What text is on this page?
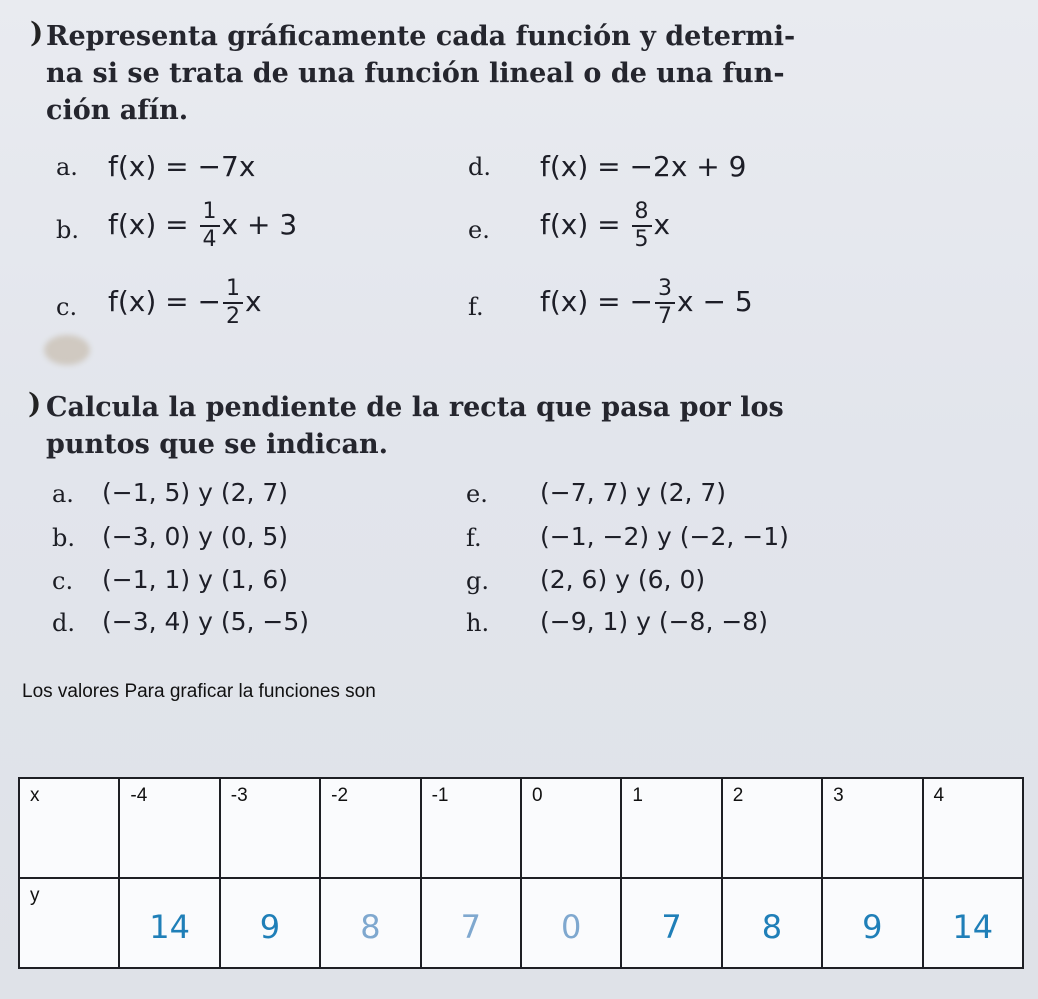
) Representa gráficamente cada función y determi-
na si se trata de una función lineal o de una fun-
ción afín.
a. f(x) = −7x
b. $f(x) = \frac{1}{4}$ x + 3
c. f(x) = − $\frac{1}{2}$ x
d. f(x) = −2x + 9
e. $f(x) = \frac{8}{5}$ x
f. f(x) = − $\frac{3}{7}$ x − 5
) Calcula la pendiente de la recta que pasa por los
puntos que se indican.
a. (−1, 5) y (2, 7)
b. (−3, 0) y (0, 5)
c. (−1, 1) y (1, 6)
d. (−3, 4) y (5, −5)
e. (−7, 7) y (2, 7)
f. (−1, −2) y (−2, −1)
g. (2, 6) y (6, 0)
h. (−9, 1) y (−8, −8)
Los valores Para graficar la funciones son
x	-4	-3	-2	-1	0	1	2	3	4
y	14	9	8	7	0	7	8	9	14
